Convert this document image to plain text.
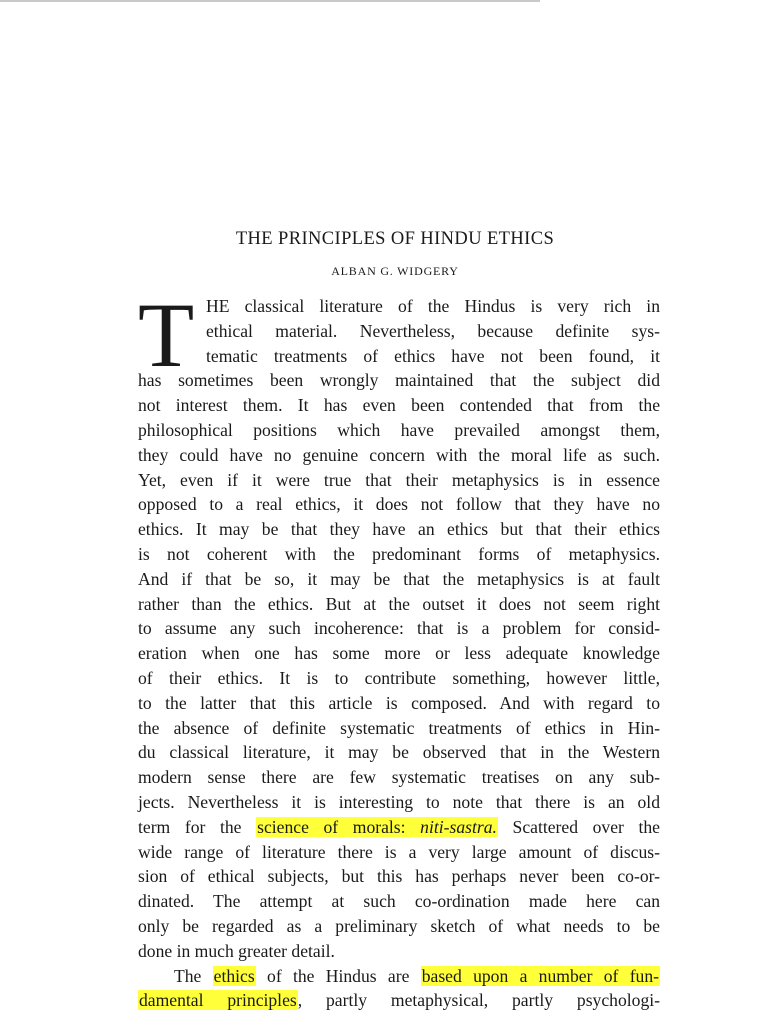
THE PRINCIPLES OF HINDU ETHICS
ALBAN G. WIDGERY
T HE classical literature of the Hindus is very rich in
ethical material. Nevertheless, because definite sys-
tematic treatments of ethics have not been found, it
has sometimes been wrongly maintained that the subject did
not interest them. It has even been contended that from the
philosophical positions which have prevailed amongst them,
they could have no genuine concern with the moral life as such.
Yet, even if it were true that their metaphysics is in essence
opposed to a real ethics, it does not follow that they have no
ethics. It may be that they have an ethics but that their ethics
is not coherent with the predominant forms of metaphysics.
And if that be so, it may be that the metaphysics is at fault
rather than the ethics. But at the outset it does not seem right
to assume any such incoherence: that is a problem for consid-
eration when one has some more or less adequate knowledge
of their ethics. It is to contribute something, however little,
to the latter that this article is composed. And with regard to
the absence of definite systematic treatments of ethics in Hin-
du classical literature, it may be observed that in the Western
modern sense there are few systematic treatises on any sub-
jects. Nevertheless it is interesting to note that there is an old
term for the science of morals: niti-sastra. Scattered over the
wide range of literature there is a very large amount of discus-
sion of ethical subjects, but this has perhaps never been co-or-
dinated. The attempt at such co-ordination made here can
only be regarded as a preliminary sketch of what needs to be
done in much greater detail.
The ethics of the Hindus are based upon a number of fun-
damental principles, partly metaphysical, partly psychologi-
